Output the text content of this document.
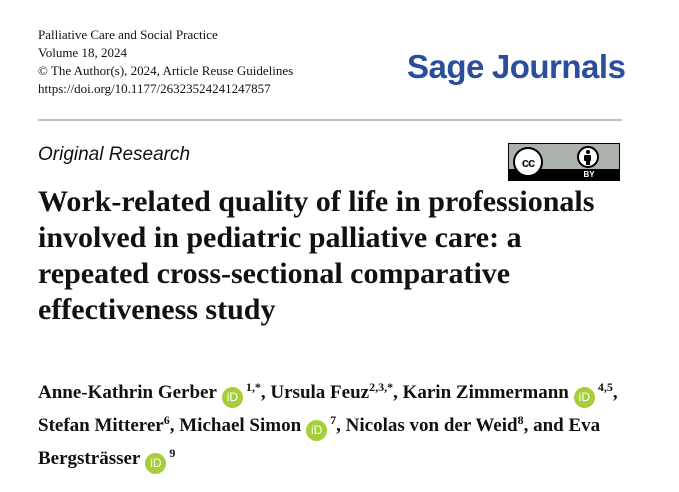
Palliative Care and Social Practice
Volume 18, 2024
© The Author(s), 2024, Article Reuse Guidelines
https://doi.org/10.1177/26323524241247857
Sage Journals
Original Research	cc
BY
Work-related quality of life in professionals involved in pediatric palliative care: a repeated cross-sectional comparative effectiveness study
Anne-Kathrin Gerber $iD^{1,*}$, Ursula Feuz$^{2,3,*}$, Karin Zimmermann iD$^{4,5}$, Stefan Mitterer$^6$, Michael Simon $iD^7$, Nicolas von der Weid$^8$, and Eva Bergsträsser $iD^9$
